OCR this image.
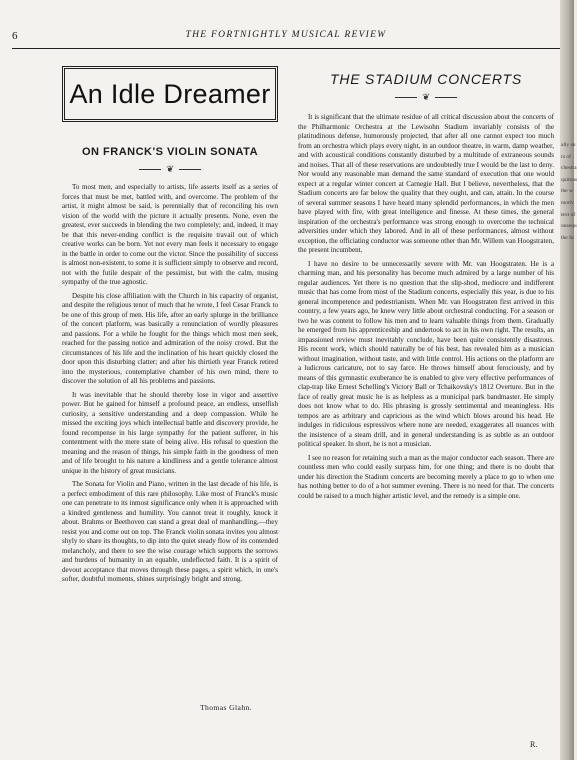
6	THE FORTNIGHTLY MUSICAL REVIEW
An Idle Dreamer
ON FRANCK'S VIOLIN SONATA
❦

To most men, and especially to artists, life asserts itself as a series of forces that must be met, battled with, and overcome. The problem of the artist, it might almost be said, is perennially that of reconciling his own vision of the world with the picture it actually presents. None, even the greatest, ever succeeds in blending the two completely; and, indeed, it may be that this never-ending conflict is the requisite travail out of which creative works can be born. Yet not every man feels it necessary to engage in the battle in order to come out the victor. Since the possibility of success is almost non-existent, to some it is sufficient simply to observe and record, not with the futile despair of the pessimist, but with the calm, musing sympathy of the true agnostic.

Despite his close affiliation with the Church in his capacity of organist, and despite the religious tenor of much that he wrote, I feel Cesar Franck to be one of this group of men. His life, after an early splurge in the brilliance of the concert platform, was basically a renunciation of wordly pleasures and passions. For a while he fought for the things which most men seek, reached for the passing notice and admiration of the noisy crowd. But the circumstances of his life and the inclination of his heart quickly closed the door upon this disturbing clatter; and after his thirtieth year Franck retired into the mysterious, contemplative chamber of his own mind, there to discover the solution of all his problems and passions.

It was inevitable that he should thereby lose in vigor and assertive power. But he gained for himself a profound peace, an endless, unselfish curiosity, a sensitive understanding and a deep compassion. While he missed the exciting joys which intellectual battle and discovery provide, he found recompense in his large sympathy for the patient sufferer, in his contentment with the mere state of being alive. His refusal to question the meaning and the reason of things, his simple faith in the goodness of men and of life brought to his nature a kindliness and a gentle tolerance almost unique in the history of great musicians.

The Sonata for Violin and Piano, written in the last decade of his life, is a perfect embodiment of this rare philosophy. Like most of Franck's music one can penetrate to its inmost significance only when it is approached with a kindred gentleness and humility. You cannot treat it roughly, knock it about. Brahms or Beethoven can stand a great deal of manhandling,—they resist you and come out on top. The Franck violin sonata invites you almost shyly to share its thoughts, to dip into the quiet steady flow of its contended melancholy, and there to see the wise courage which supports the sorrows and burdens of humanity in an equable, undeflected faith. It is a spirit of devout acceptance that moves through these pages, a spirit which, in one's softer, doubtful moments, shines surprisingly bright and strong.

Thomas Glahn.
THE STADIUM CONCERTS
❦

It is significant that the ultimate residue of all critical discussion about the concerts of the Philharmonic Orchestra at the Lewisohn Stadium invariably consists of the platitudinous defense, humorously projected, that after all one cannot expect too much from an orchestra which plays every night, in an outdoor theatre, in warm, damp weather, and with acoustical conditions constantly disturbed by a multitude of extraneous sounds and noises. That all of these reservations are undoubtedly true I would be the last to deny. Nor would any reasonable man demand the same standard of execution that one would expect at a regular winter concert at Carnegie Hall. But I believe, nevertheless, that the Stadium concerts are far below the quality that they ought, and can, attain. In the course of several summer seasons I have heard many splendid performances, in which the men have played with fire, with great intelligence and finesse. At these times, the general inspiration of the orchestra's performance was strong enough to overcome the technical adversities under which they labored. And in all of these performances, almost without exception, the officiating conductor was someone other than Mr. Willem van Hoogstraten, the present incumbent.

I have no desire to be unnecessarily severe with Mr. van Hoogstraten. He is a charming man, and his personality has become much admired by a large number of his regular audiences. Yet there is no question that the slip-shod, mediocre and indifferent music that has come from most of the Stadium concerts, especially this year, is due to his general incompetence and pedestrianism. When Mr. van Hoogstraten first arrived in this country, a few years ago, he knew very little about orchestral conducting. For a season or two he was content to follow his men and to learn valuable things from them. Gradually he emerged from his apprenticeship and undertook to act in his own right. The results, an impassioned review must inevitably conclude, have been quite consistently disastrous. His recent work, which should naturally be of his best, has revealed him as a musician without imagination, without taste, and with little control. His actions on the platform are a ludicrous caricature, not to say farce. He throws himself about ferociously, and by means of this gymnastic exuberance he is enabled to give very effective performances of clap-trap like Ernest Schelling's Victory Ball or Tchaikovsky's 1812 Overture. But in the face of really great music he is as helpless as a municipal park bandmaster. He simply does not know what to do. His phrasing is grossly sentimental and meaningless. His tempos are as arbitrary and capricious as the wind which blows around his head. He indulges in ridiculous espressivos where none are needed, exaggerates all nuances with the insistence of a steam drill, and in general understanding is as subtle as an outdoor political speaker. In short, he is not a musician.

I see no reason for retaining such a man as the major conductor each season. There are countless men who could easily surpass him, for one thing; and there is no doubt that under his direction the Stadium concerts are becoming merely a place to go to when one has nothing better to do of a hot summer evening. There is no need for that. The concerts could be raised to a much higher artistic level, and the remedy is a simple one.

R.
ally su
rs of
chestra
quitous
the w
motiv
text of
onsequ
the fo
